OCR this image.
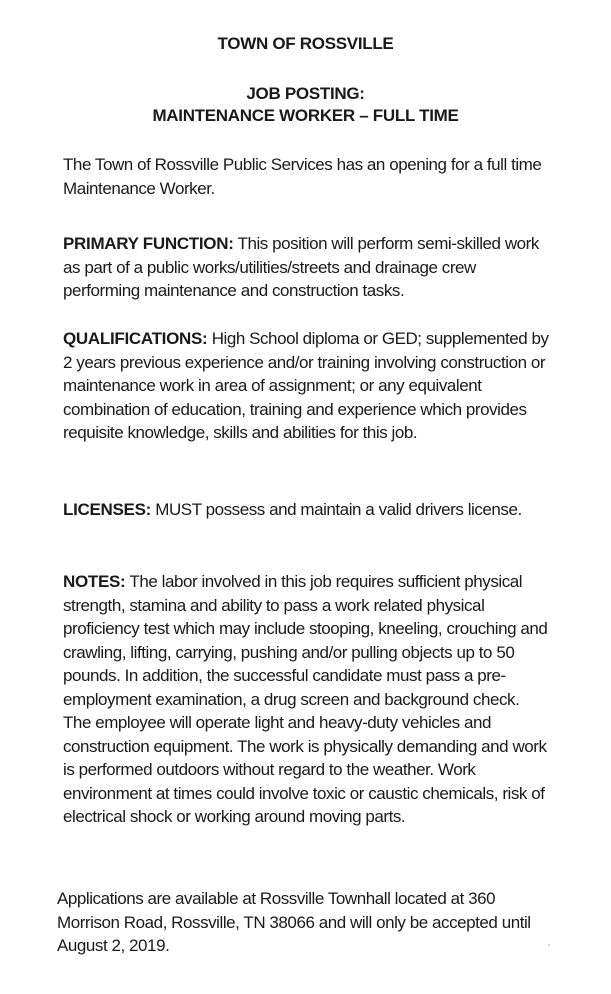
TOWN OF ROSSVILLE
JOB POSTING:
MAINTENANCE WORKER – FULL TIME
The Town of Rossville Public Services has an opening for a full time Maintenance Worker.
PRIMARY FUNCTION: This position will perform semi-skilled work as part of a public works/utilities/streets and drainage crew performing maintenance and construction tasks.
QUALIFICATIONS: High School diploma or GED; supplemented by 2 years previous experience and/or training involving construction or maintenance work in area of assignment; or any equivalent combination of education, training and experience which provides requisite knowledge, skills and abilities for this job.
LICENSES: MUST possess and maintain a valid drivers license.
NOTES: The labor involved in this job requires sufficient physical strength, stamina and ability to pass a work related physical proficiency test which may include stooping, kneeling, crouching and crawling, lifting, carrying, pushing and/or pulling objects up to 50 pounds. In addition, the successful candidate must pass a pre-employment examination, a drug screen and background check. The employee will operate light and heavy-duty vehicles and construction equipment. The work is physically demanding and work is performed outdoors without regard to the weather. Work environment at times could involve toxic or caustic chemicals, risk of electrical shock or working around moving parts.
Applications are available at Rossville Townhall located at 360 Morrison Road, Rossville, TN 38066 and will only be accepted until August 2, 2019.
